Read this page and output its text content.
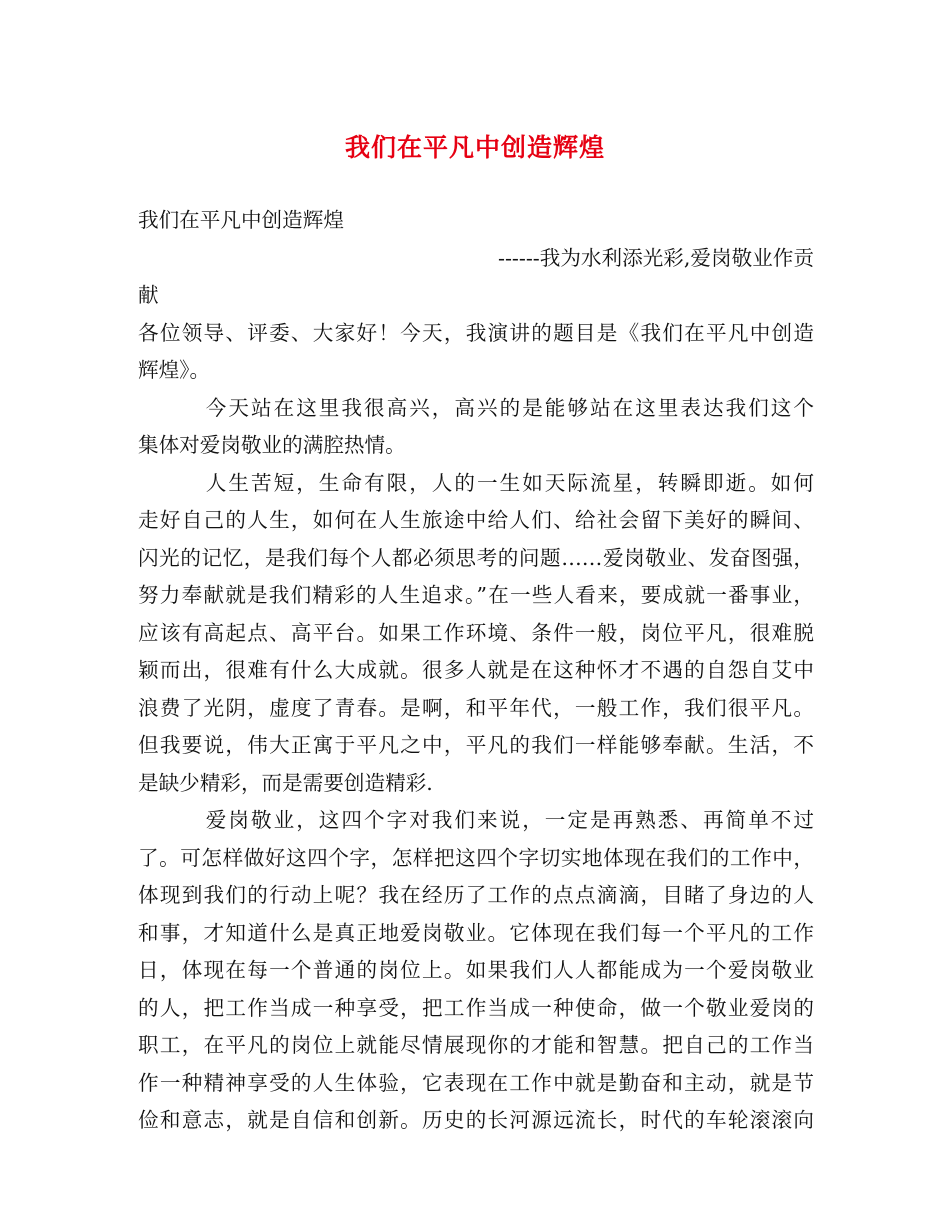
我们在平凡中创造辉煌
我们在平凡中创造辉煌
------我为水利添光彩,爱岗敬业作贡
献

各位领导、评委、大家好！今天，我演讲的题目是《我们在平凡中创造
辉煌》。

　　　今天站在这里我很高兴，高兴的是能够站在这里表达我们这个
集体对爱岗敬业的满腔热情。

　　　人生苦短，生命有限，人的一生如天际流星，转瞬即逝。如何
走好自己的人生，如何在人生旅途中给人们、给社会留下美好的瞬间、
闪光的记忆，是我们每个人都必须思考的问题……爱岗敬业、发奋图强，
努力奉献就是我们精彩的人生追求。”在一些人看来，要成就一番事业，
应该有高起点、高平台。如果工作环境、条件一般，岗位平凡，很难脱
颖而出，很难有什么大成就。很多人就是在这种怀才不遇的自怨自艾中
浪费了光阴，虚度了青春。是啊，和平年代，一般工作，我们很平凡。
但我要说，伟大正寓于平凡之中，平凡的我们一样能够奉献。生活，不
是缺少精彩，而是需要创造精彩.

　　　爱岗敬业，这四个字对我们来说，一定是再熟悉、再简单不过
了。可怎样做好这四个字，怎样把这四个字切实地体现在我们的工作中，
体现到我们的行动上呢？我在经历了工作的点点滴滴，目睹了身边的人
和事，才知道什么是真正地爱岗敬业。它体现在我们每一个平凡的工作
日，体现在每一个普通的岗位上。如果我们人人都能成为一个爱岗敬业
的人，把工作当成一种享受，把工作当成一种使命，做一个敬业爱岗的
职工，在平凡的岗位上就能尽情展现你的才能和智慧。把自己的工作当
作一种精神享受的人生体验，它表现在工作中就是勤奋和主动，就是节
俭和意志，就是自信和创新。历史的长河源远流长，时代的车轮滚滚向
